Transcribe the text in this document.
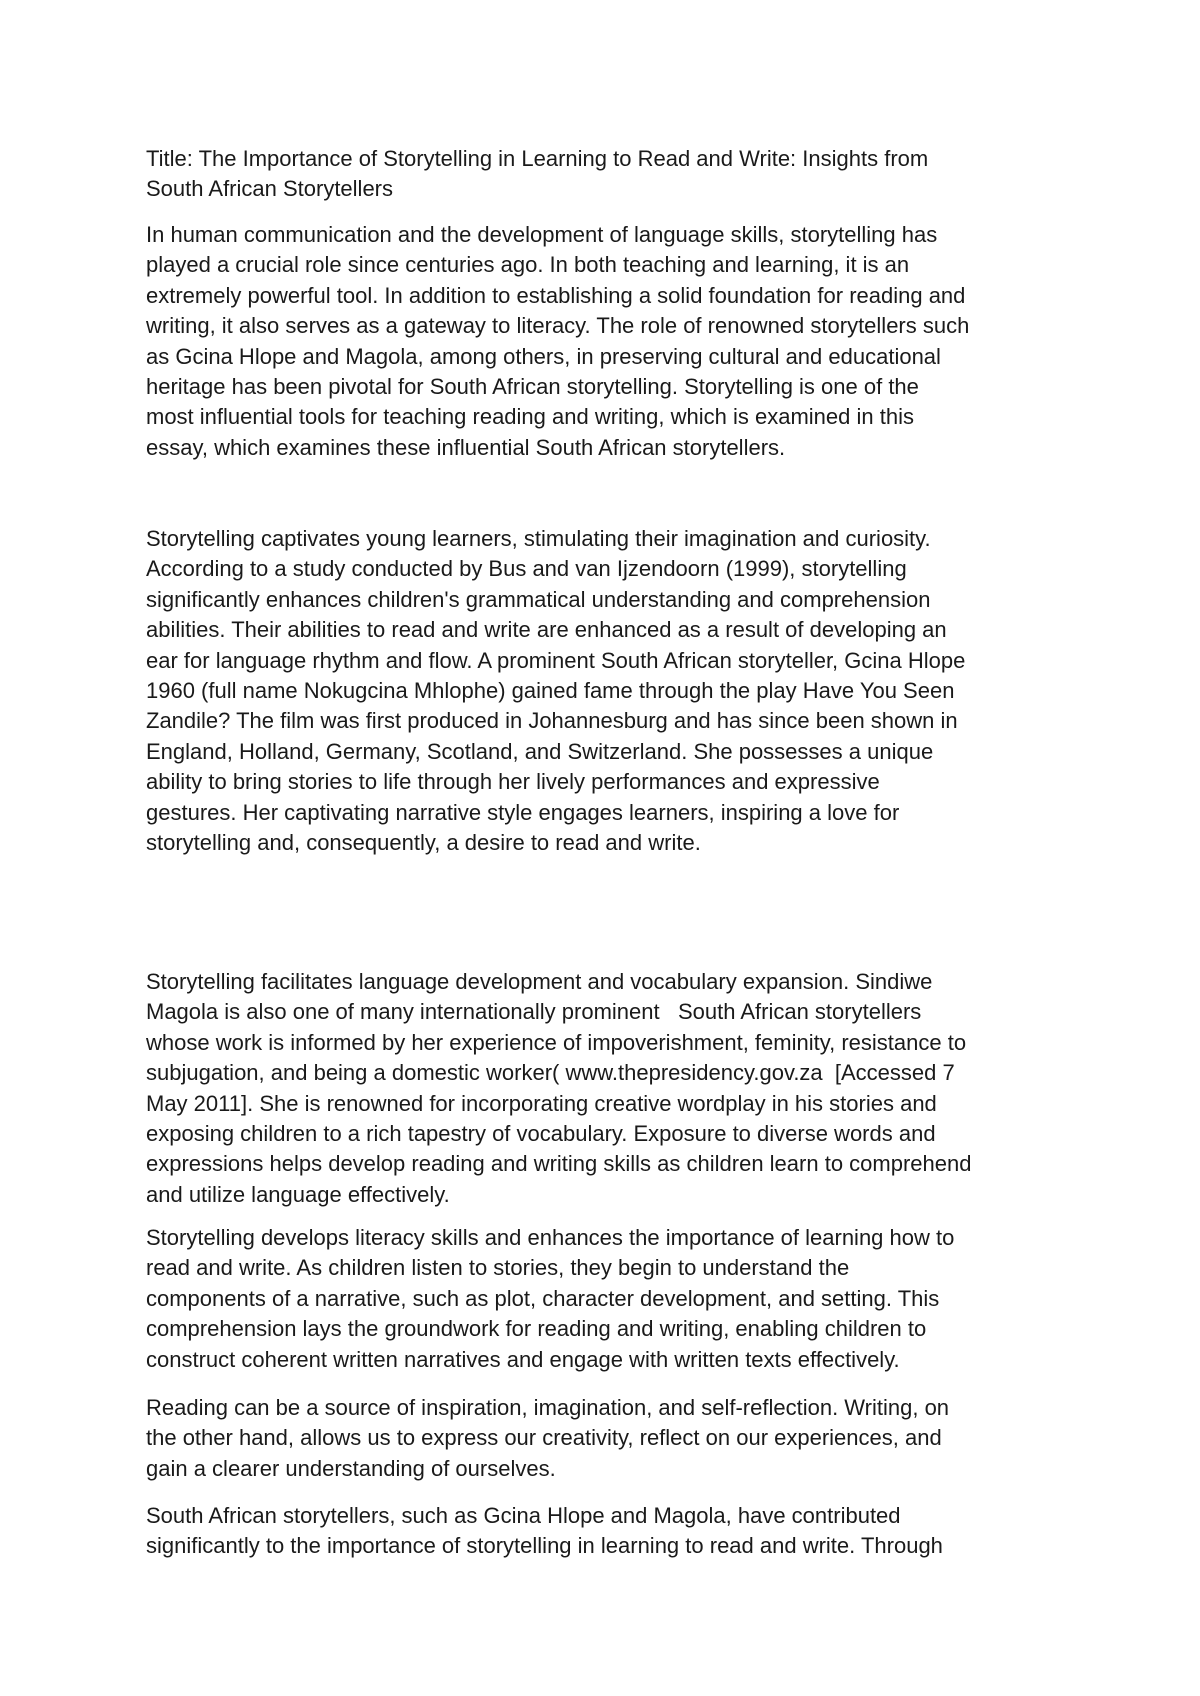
Title: The Importance of Storytelling in Learning to Read and Write: Insights from
South African Storytellers
In human communication and the development of language skills, storytelling has
played a crucial role since centuries ago. In both teaching and learning, it is an
extremely powerful tool. In addition to establishing a solid foundation for reading and
writing, it also serves as a gateway to literacy. The role of renowned storytellers such
as Gcina Hlope and Magola, among others, in preserving cultural and educational
heritage has been pivotal for South African storytelling. Storytelling is one of the
most influential tools for teaching reading and writing, which is examined in this
essay, which examines these influential South African storytellers.
Storytelling captivates young learners, stimulating their imagination and curiosity.
According to a study conducted by Bus and van Ijzendoorn (1999), storytelling
significantly enhances children's grammatical understanding and comprehension
abilities. Their abilities to read and write are enhanced as a result of developing an
ear for language rhythm and flow. A prominent South African storyteller, Gcina Hlope
1960 (full name Nokugcina Mhlophe) gained fame through the play Have You Seen
Zandile? The film was first produced in Johannesburg and has since been shown in
England, Holland, Germany, Scotland, and Switzerland. She possesses a unique
ability to bring stories to life through her lively performances and expressive
gestures. Her captivating narrative style engages learners, inspiring a love for
storytelling and, consequently, a desire to read and write.
Storytelling facilitates language development and vocabulary expansion. Sindiwe
Magola is also one of many internationally prominent   South African storytellers
whose work is informed by her experience of impoverishment, feminity, resistance to
subjugation, and being a domestic worker( www.thepresidency.gov.za  [Accessed 7
May 2011]. She is renowned for incorporating creative wordplay in his stories and
exposing children to a rich tapestry of vocabulary. Exposure to diverse words and
expressions helps develop reading and writing skills as children learn to comprehend
and utilize language effectively.
Storytelling develops literacy skills and enhances the importance of learning how to
read and write. As children listen to stories, they begin to understand the
components of a narrative, such as plot, character development, and setting. This
comprehension lays the groundwork for reading and writing, enabling children to
construct coherent written narratives and engage with written texts effectively.
Reading can be a source of inspiration, imagination, and self-reflection. Writing, on
the other hand, allows us to express our creativity, reflect on our experiences, and
gain a clearer understanding of ourselves.
South African storytellers, such as Gcina Hlope and Magola, have contributed
significantly to the importance of storytelling in learning to read and write. Through
